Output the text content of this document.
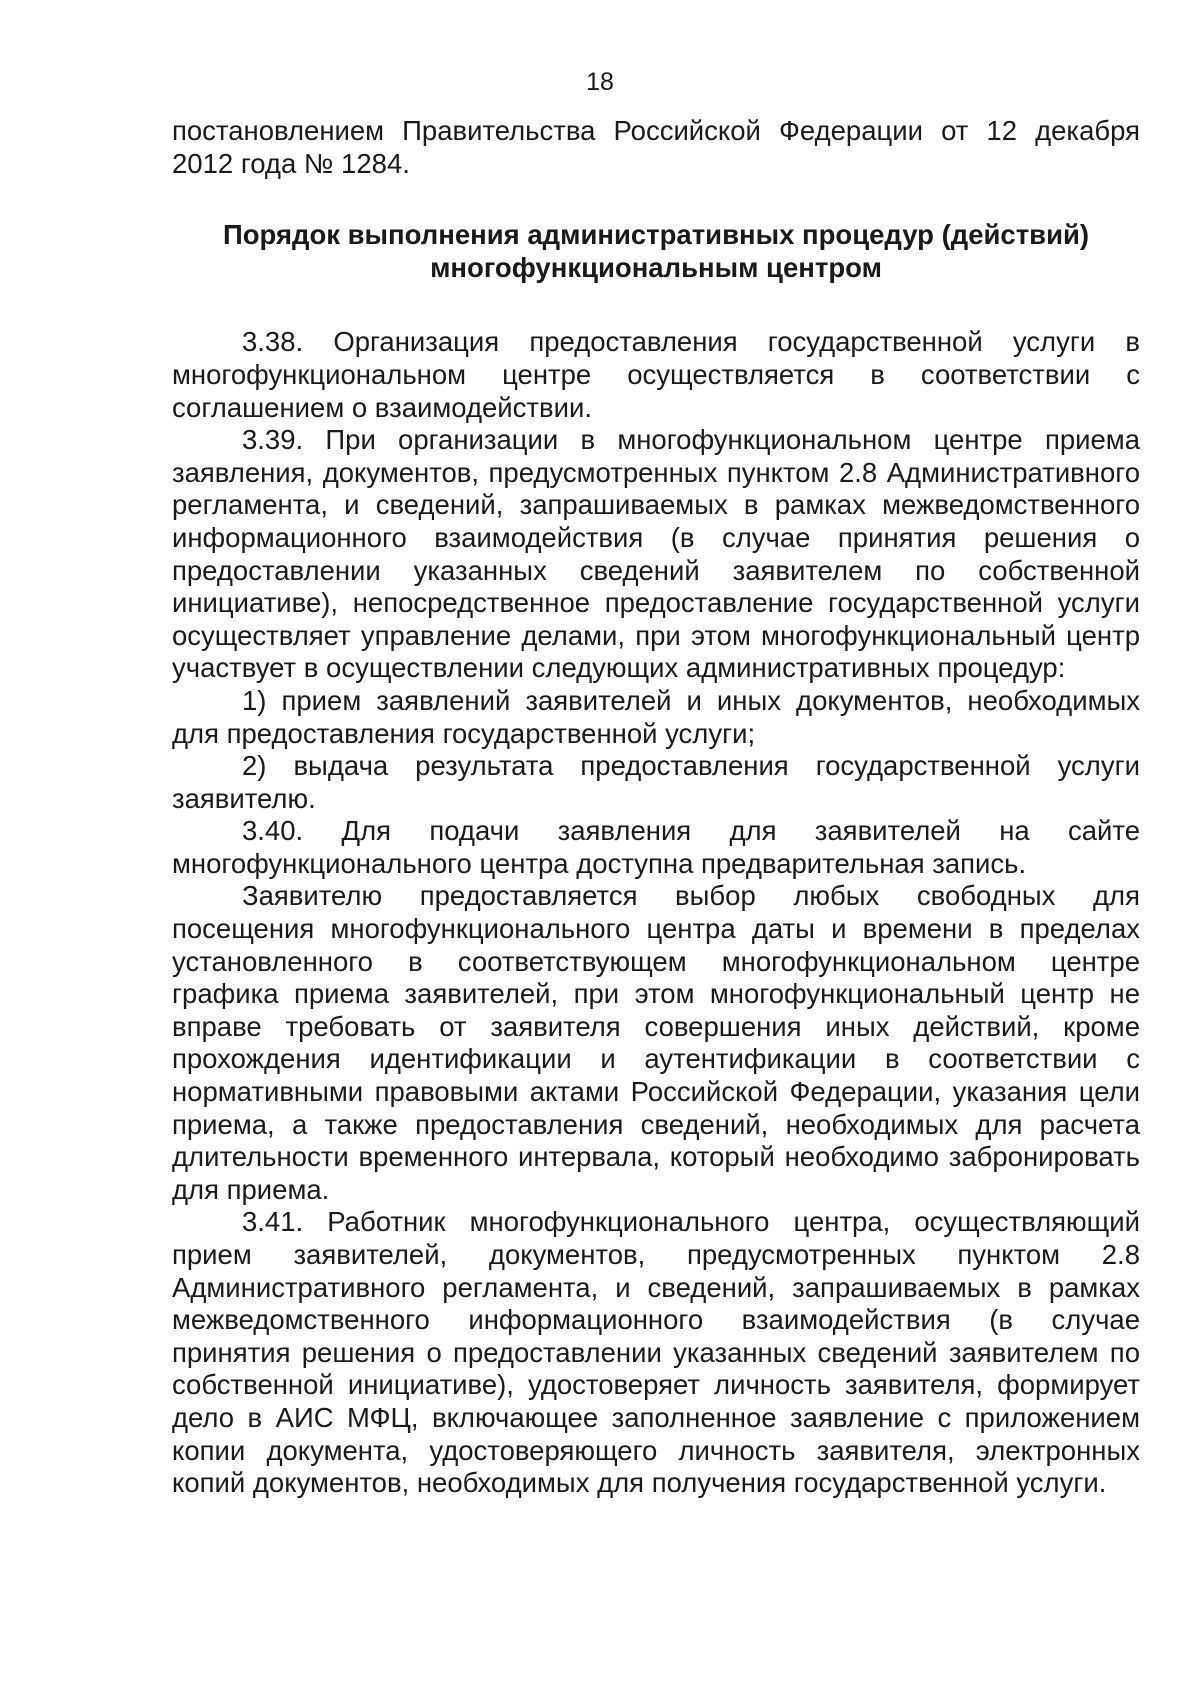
18

постановлением Правительства Российской Федерации от 12 декабря 2012 года № 1284.

Порядок выполнения административных процедур (действий)
многофункциональным центром

3.38. Организация предоставления государственной услуги в многофункциональном центре осуществляется в соответствии с соглашением о взаимодействии.

3.39. При организации в многофункциональном центре приема заявления, документов, предусмотренных пунктом 2.8 Административного регламента, и сведений, запрашиваемых в рамках межведомственного информационного взаимодействия (в случае принятия решения о предоставлении указанных сведений заявителем по собственной инициативе), непосредственное предоставление государственной услуги осуществляет управление делами, при этом многофункциональный центр участвует в осуществлении следующих административных процедур:

1) прием заявлений заявителей и иных документов, необходимых для предоставления государственной услуги;

2) выдача результата предоставления государственной услуги заявителю.

3.40. Для подачи заявления для заявителей на сайте многофункционального центра доступна предварительная запись.

Заявителю предоставляется выбор любых свободных для посещения многофункционального центра даты и времени в пределах установленного в соответствующем многофункциональном центре графика приема заявителей, при этом многофункциональный центр не вправе требовать от заявителя совершения иных действий, кроме прохождения идентификации и аутентификации в соответствии с нормативными правовыми актами Российской Федерации, указания цели приема, а также предоставления сведений, необходимых для расчета длительности временного интервала, который необходимо забронировать для приема.

3.41. Работник многофункционального центра, осуществляющий прием заявителей, документов, предусмотренных пунктом 2.8 Административного регламента, и сведений, запрашиваемых в рамках межведомственного информационного взаимодействия (в случае принятия решения о предоставлении указанных сведений заявителем по собственной инициативе), удостоверяет личность заявителя, формирует дело в АИС МФЦ, включающее заполненное заявление с приложением копии документа, удостоверяющего личность заявителя, электронных копий документов, необходимых для получения государственной услуги.
